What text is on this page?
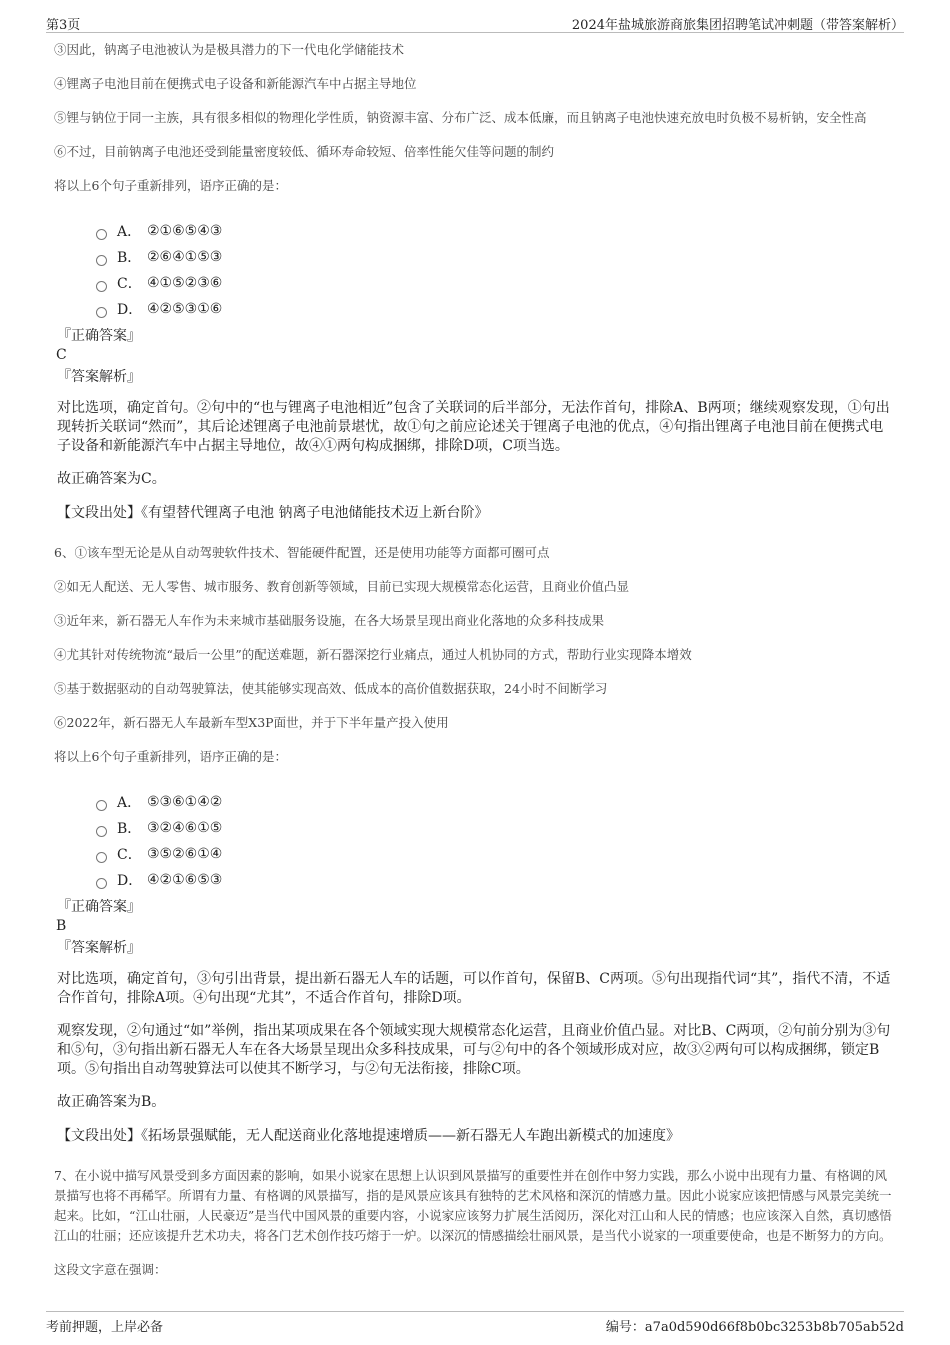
第3页	2024年盐城旅游商旅集团招聘笔试冲刺题（带答案解析）

③因此，钠离子电池被认为是极具潜力的下一代电化学储能技术

④锂离子电池目前在便携式电子设备和新能源汽车中占据主导地位

⑤锂与钠位于同一主族，具有很多相似的物理化学性质，钠资源丰富、分布广泛、成本低廉，而且钠离子电池快速充放电时负极不易析钠，安全性高

⑥不过，目前钠离子电池还受到能量密度较低、循环寿命较短、倍率性能欠佳等问题的制约

将以上6个句子重新排列，语序正确的是：

A． ②①⑥⑤④③
B． ②⑥④①⑤③
C． ④①⑤②③⑥
D． ④②⑤③①⑥
『正确答案』
C
『答案解析』

对比选项，确定首句。②句中的“也与锂离子电池相近”包含了关联词的后半部分，无法作首句，排除A、B两项；继续观察发现，①句出现转折关联词“然而”，其后论述锂离子电池前景堪忧，故①句之前应论述关于锂离子电池的优点，④句指出锂离子电池目前在便携式电子设备和新能源汽车中占据主导地位，故④①两句构成捆绑，排除D项，C项当选。

故正确答案为C。

【文段出处】《有望替代锂离子电池 钠离子电池储能技术迈上新台阶》

6、①该车型无论是从自动驾驶软件技术、智能硬件配置，还是使用功能等方面都可圈可点

②如无人配送、无人零售、城市服务、教育创新等领域，目前已实现大规模常态化运营，且商业价值凸显

③近年来，新石器无人车作为未来城市基础服务设施，在各大场景呈现出商业化落地的众多科技成果

④尤其针对传统物流“最后一公里”的配送难题，新石器深挖行业痛点，通过人机协同的方式，帮助行业实现降本增效

⑤基于数据驱动的自动驾驶算法，使其能够实现高效、低成本的高价值数据获取，24小时不间断学习

⑥2022年，新石器无人车最新车型X3P面世，并于下半年量产投入使用

将以上6个句子重新排列，语序正确的是：

A． ⑤③⑥①④②
B． ③②④⑥①⑤
C． ③⑤②⑥①④
D． ④②①⑥⑤③
『正确答案』
B
『答案解析』

对比选项，确定首句，③句引出背景，提出新石器无人车的话题，可以作首句，保留B、C两项。⑤句出现指代词“其”，指代不清，不适合作首句，排除A项。④句出现“尤其”，不适合作首句，排除D项。

观察发现，②句通过“如”举例，指出某项成果在各个领域实现大规模常态化运营，且商业价值凸显。对比B、C两项，②句前分别为③句和⑤句，③句指出新石器无人车在各大场景呈现出众多科技成果，可与②句中的各个领域形成对应，故③②两句可以构成捆绑，锁定B项。⑤句指出自动驾驶算法可以使其不断学习，与②句无法衔接，排除C项。

故正确答案为B。

【文段出处】《拓场景强赋能，无人配送商业化落地提速增质——新石器无人车跑出新模式的加速度》

7、在小说中描写风景受到多方面因素的影响，如果小说家在思想上认识到风景描写的重要性并在创作中努力实践，那么小说中出现有力量、有格调的风景描写也将不再稀罕。所谓有力量、有格调的风景描写，指的是风景应该具有独特的艺术风格和深沉的情感力量。因此小说家应该把情感与风景完美统一起来。比如，“江山壮丽，人民豪迈”是当代中国风景的重要内容，小说家应该努力扩展生活阅历，深化对江山和人民的情感；也应该深入自然，真切感悟江山的壮丽；还应该提升艺术功夫，将各门艺术创作技巧熔于一炉。以深沉的情感描绘壮丽风景，是当代小说家的一项重要使命，也是不断努力的方向。

这段文字意在强调：

考前押题，上岸必备	编号：a7a0d590d66f8b0bc3253b8b705ab52d
